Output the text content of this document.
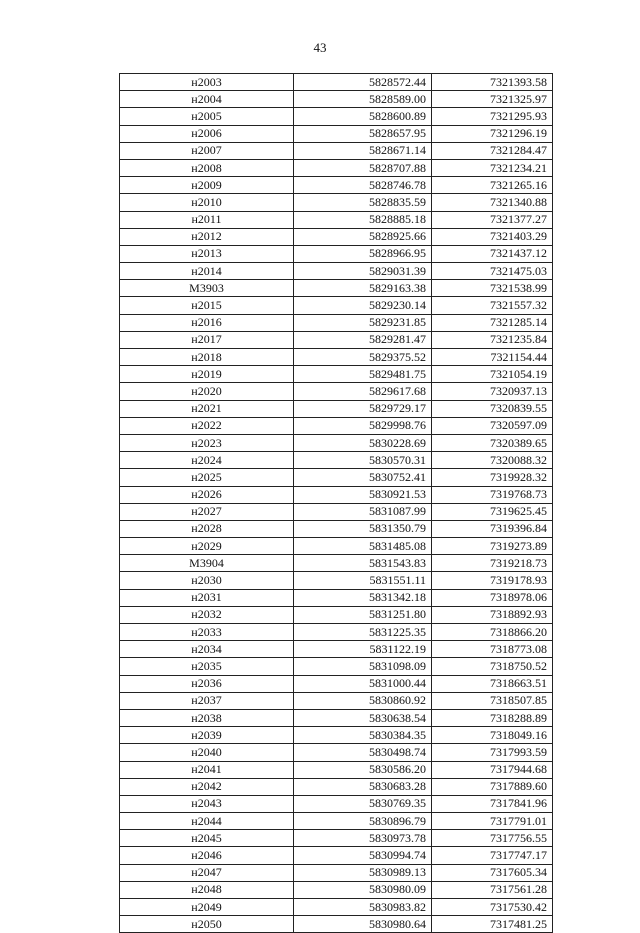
43
н2003	5828572.44	7321393.58
н2004	5828589.00	7321325.97
н2005	5828600.89	7321295.93
н2006	5828657.95	7321296.19
н2007	5828671.14	7321284.47
н2008	5828707.88	7321234.21
н2009	5828746.78	7321265.16
н2010	5828835.59	7321340.88
н2011	5828885.18	7321377.27
н2012	5828925.66	7321403.29
н2013	5828966.95	7321437.12
н2014	5829031.39	7321475.03
М3903	5829163.38	7321538.99
н2015	5829230.14	7321557.32
н2016	5829231.85	7321285.14
н2017	5829281.47	7321235.84
н2018	5829375.52	7321154.44
н2019	5829481.75	7321054.19
н2020	5829617.68	7320937.13
н2021	5829729.17	7320839.55
н2022	5829998.76	7320597.09
н2023	5830228.69	7320389.65
н2024	5830570.31	7320088.32
н2025	5830752.41	7319928.32
н2026	5830921.53	7319768.73
н2027	5831087.99	7319625.45
н2028	5831350.79	7319396.84
н2029	5831485.08	7319273.89
М3904	5831543.83	7319218.73
н2030	5831551.11	7319178.93
н2031	5831342.18	7318978.06
н2032	5831251.80	7318892.93
н2033	5831225.35	7318866.20
н2034	5831122.19	7318773.08
н2035	5831098.09	7318750.52
н2036	5831000.44	7318663.51
н2037	5830860.92	7318507.85
н2038	5830638.54	7318288.89
н2039	5830384.35	7318049.16
н2040	5830498.74	7317993.59
н2041	5830586.20	7317944.68
н2042	5830683.28	7317889.60
н2043	5830769.35	7317841.96
н2044	5830896.79	7317791.01
н2045	5830973.78	7317756.55
н2046	5830994.74	7317747.17
н2047	5830989.13	7317605.34
н2048	5830980.09	7317561.28
н2049	5830983.82	7317530.42
н2050	5830980.64	7317481.25
